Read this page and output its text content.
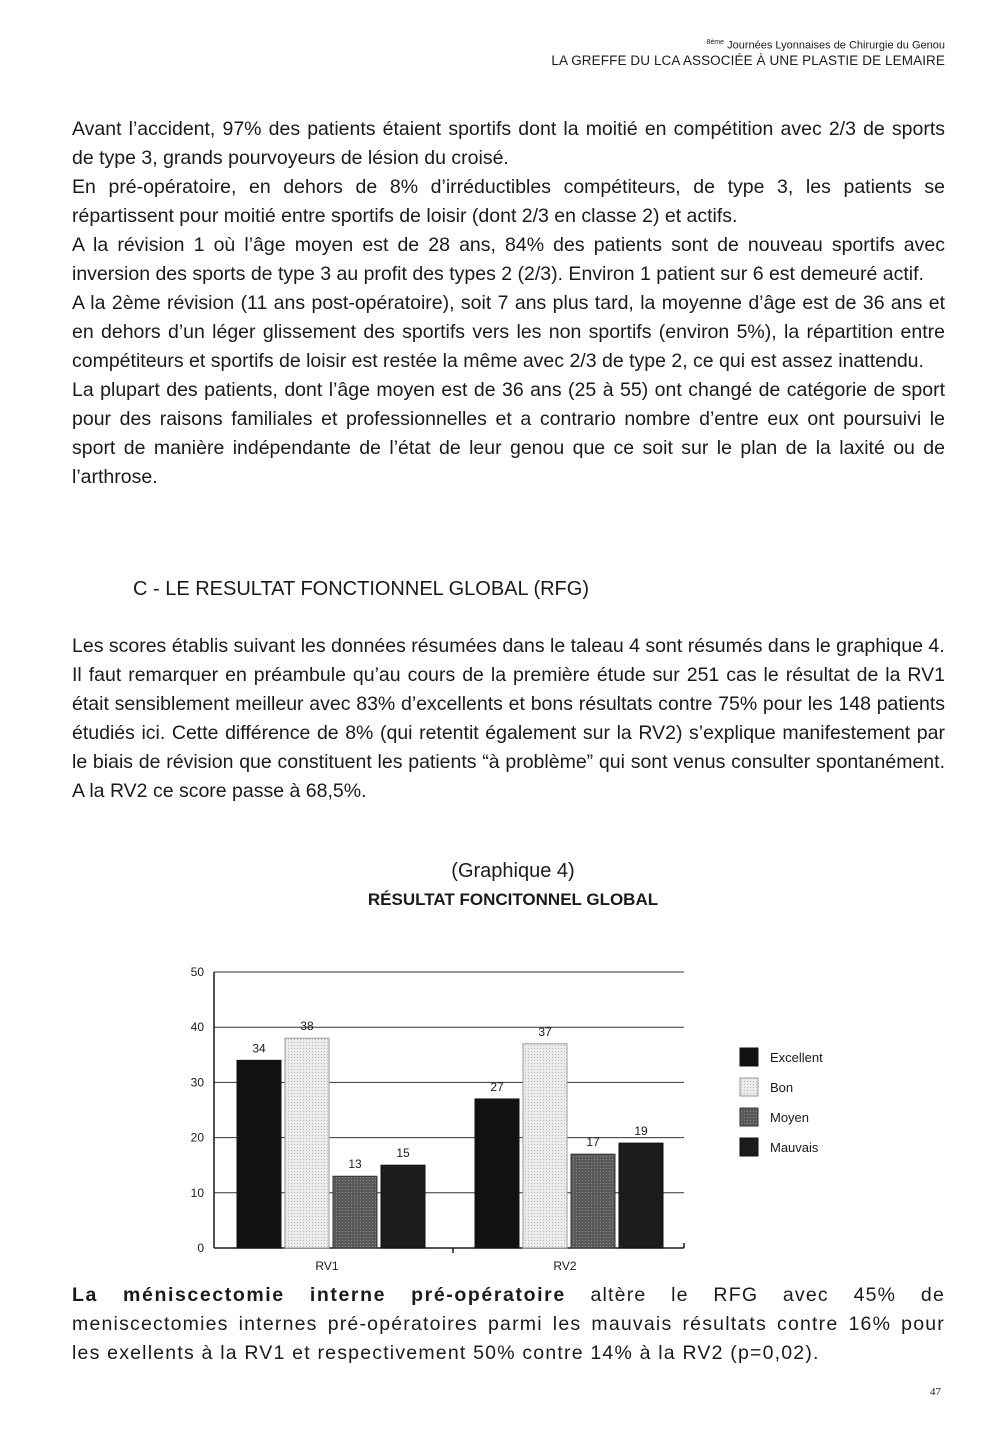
$^{8ème}$ Journées Lyonnaises de Chirurgie du Genou
LA GREFFE DU LCA ASSOCIÉE À UNE PLASTIE DE LEMAIRE

Avant l’accident, 97% des patients étaient sportifs dont la moitié en compétition avec 2/3 de sports de type 3, grands pourvoyeurs de lésion du croisé.

En pré-opératoire, en dehors de 8% d’irréductibles compétiteurs, de type 3, les patients se répartissent pour moitié entre sportifs de loisir (dont 2/3 en classe 2) et actifs.

A la révision 1 où l’âge moyen est de 28 ans, 84% des patients sont de nouveau sportifs avec inversion des sports de type 3 au profit des types 2 (2/3). Environ 1 patient sur 6 est demeuré actif.

A la 2ème révision (11 ans post-opératoire), soit 7 ans plus tard, la moyenne d’âge est de 36 ans et en dehors d’un léger glissement des sportifs vers les non sportifs (environ 5%), la répartition entre compétiteurs et sportifs de loisir est restée la même avec 2/3 de type 2, ce qui est assez inattendu.

La plupart des patients, dont l’âge moyen est de 36 ans (25 à 55) ont changé de catégorie de sport pour des raisons familiales et professionnelles et a contrario nombre d’entre eux ont poursuivi le sport de manière indépendante de l’état de leur genou que ce soit sur le plan de la laxité ou de l’arthrose.

C - LE RESULTAT FONCTIONNEL GLOBAL (RFG)

Les scores établis suivant les données résumées dans le taleau 4 sont résumés dans le graphique 4.

Il faut remarquer en préambule qu’au cours de la première étude sur 251 cas le résultat de la RV1 était sensiblement meilleur avec 83% d’excellents et bons résultats contre 75% pour les 148 patients étudiés ici. Cette différence de 8% (qui retentit également sur la RV2) s’explique manifestement par le biais de révision que constituent les patients “à problème” qui sont venus consulter spontanément. A la RV2 ce score passe à 68,5%.

(Graphique 4)
RÉSULTAT FONCITONNEL GLOBAL
0
10
20
30
40
50
34
38
13
15
RV1
27
37
17
19
RV2
Excellent
Bon
Moyen
Mauvais

La méniscectomie interne pré-opératoire altère le RFG avec 45% de meniscectomies internes pré-opératoires parmi les mauvais résultats contre 16% pour les exellents à la RV1 et respectivement 50% contre 14% à la RV2 (p=0,02).

47
